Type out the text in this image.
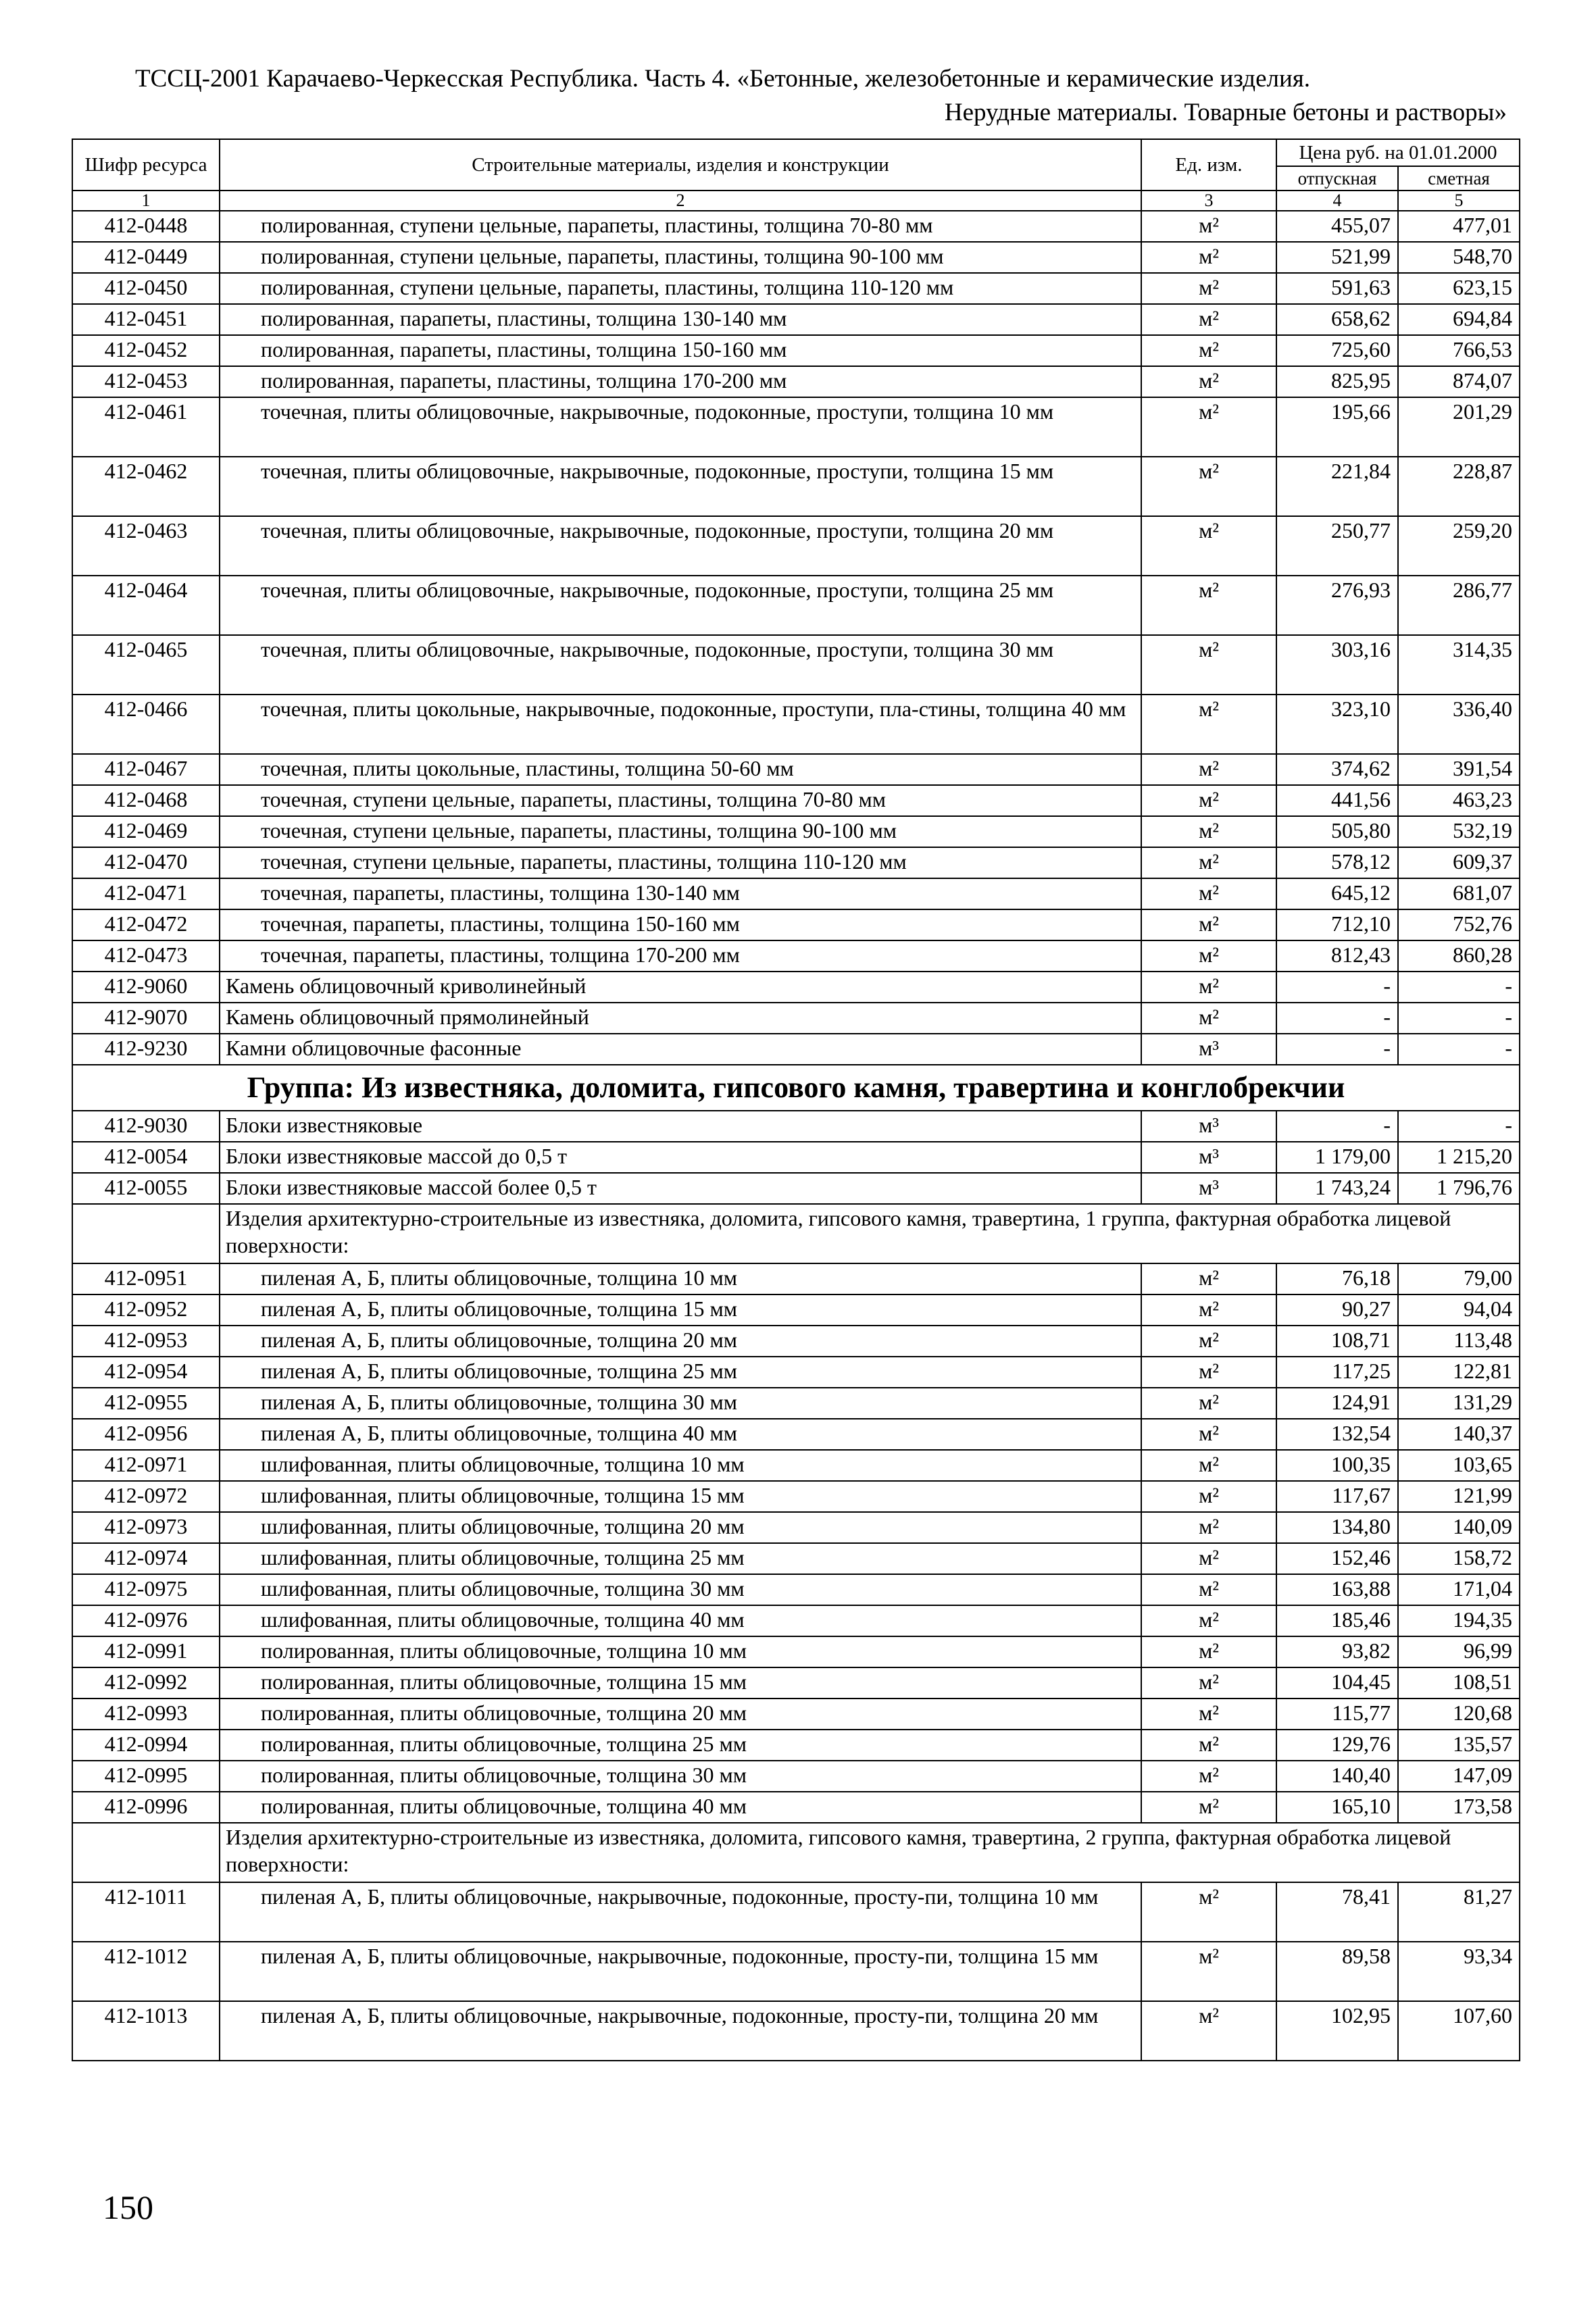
ТССЦ-2001 Карачаево-Черкесская Республика. Часть 4. «Бетонные, железобетонные и керамические изделия.
Нерудные материалы. Товарные бетоны и растворы»
Шифр ресурса	Строительные материалы, изделия и конструкции	Ед. изм.	Цена руб. на 01.01.2000	
			отпускная	сметная
1	2	3	4	5
412-0448	полированная, ступени цельные, парапеты, пластины, толщина 70-80 мм	м²	455,07	477,01
412-0449	полированная, ступени цельные, парапеты, пластины, толщина 90-100 мм	м²	521,99	548,70
412-0450	полированная, ступени цельные, парапеты, пластины, толщина 110-120 мм	м²	591,63	623,15
412-0451	полированная, парапеты, пластины, толщина 130-140 мм	м²	658,62	694,84
412-0452	полированная, парапеты, пластины, толщина 150-160 мм	м²	725,60	766,53
412-0453	полированная, парапеты, пластины, толщина 170-200 мм	м²	825,95	874,07
412-0461	точечная, плиты облицовочные, накрывочные, подоконные, проступи, толщина 10 мм	м²	195,66	201,29
412-0462	точечная, плиты облицовочные, накрывочные, подоконные, проступи, толщина 15 мм	м²	221,84	228,87
412-0463	точечная, плиты облицовочные, накрывочные, подоконные, проступи, толщина 20 мм	м²	250,77	259,20
412-0464	точечная, плиты облицовочные, накрывочные, подоконные, проступи, толщина 25 мм	м²	276,93	286,77
412-0465	точечная, плиты облицовочные, накрывочные, подоконные, проступи, толщина 30 мм	м²	303,16	314,35
412-0466	точечная, плиты цокольные, накрывочные, подоконные, проступи, пла-стины, толщина 40 мм	м²	323,10	336,40
412-0467	точечная, плиты цокольные, пластины, толщина 50-60 мм	м²	374,62	391,54
412-0468	точечная, ступени цельные, парапеты, пластины, толщина 70-80 мм	м²	441,56	463,23
412-0469	точечная, ступени цельные, парапеты, пластины, толщина 90-100 мм	м²	505,80	532,19
412-0470	точечная, ступени цельные, парапеты, пластины, толщина 110-120 мм	м²	578,12	609,37
412-0471	точечная, парапеты, пластины, толщина 130-140 мм	м²	645,12	681,07
412-0472	точечная, парапеты, пластины, толщина 150-160 мм	м²	712,10	752,76
412-0473	точечная, парапеты, пластины, толщина 170-200 мм	м²	812,43	860,28
412-9060	Камень облицовочный криволинейный	м²	-	-
412-9070	Камень облицовочный прямолинейный	м²	-	-
412-9230	Камни облицовочные фасонные	м³	-	-
Группа: Из известняка, доломита, гипсового камня, травертина и конглобрекчии				
412-9030	Блоки известняковые	м³	-	-
412-0054	Блоки известняковые массой до 0,5 т	м³	1 179,00	1 215,20
412-0055	Блоки известняковые массой более 0,5 т	м³	1 743,24	1 796,76
	Изделия архитектурно-строительные из известняка, доломита, гипсового камня, травертина, 1 группа, фактурная обработка лицевой поверхности:			
412-0951	пиленая А, Б, плиты облицовочные, толщина 10 мм	м²	76,18	79,00
412-0952	пиленая А, Б, плиты облицовочные, толщина 15 мм	м²	90,27	94,04
412-0953	пиленая А, Б, плиты облицовочные, толщина 20 мм	м²	108,71	113,48
412-0954	пиленая А, Б, плиты облицовочные, толщина 25 мм	м²	117,25	122,81
412-0955	пиленая А, Б, плиты облицовочные, толщина 30 мм	м²	124,91	131,29
412-0956	пиленая А, Б, плиты облицовочные, толщина 40 мм	м²	132,54	140,37
412-0971	шлифованная, плиты облицовочные, толщина 10 мм	м²	100,35	103,65
412-0972	шлифованная, плиты облицовочные, толщина 15 мм	м²	117,67	121,99
412-0973	шлифованная, плиты облицовочные, толщина 20 мм	м²	134,80	140,09
412-0974	шлифованная, плиты облицовочные, толщина 25 мм	м²	152,46	158,72
412-0975	шлифованная, плиты облицовочные, толщина 30 мм	м²	163,88	171,04
412-0976	шлифованная, плиты облицовочные, толщина 40 мм	м²	185,46	194,35
412-0991	полированная, плиты облицовочные, толщина 10 мм	м²	93,82	96,99
412-0992	полированная, плиты облицовочные, толщина 15 мм	м²	104,45	108,51
412-0993	полированная, плиты облицовочные, толщина 20 мм	м²	115,77	120,68
412-0994	полированная, плиты облицовочные, толщина 25 мм	м²	129,76	135,57
412-0995	полированная, плиты облицовочные, толщина 30 мм	м²	140,40	147,09
412-0996	полированная, плиты облицовочные, толщина 40 мм	м²	165,10	173,58
	Изделия архитектурно-строительные из известняка, доломита, гипсового камня, травертина, 2 группа, фактурная обработка лицевой поверхности:			
412-1011	пиленая А, Б, плиты облицовочные, накрывочные, подоконные, просту-пи, толщина 10 мм	м²	78,41	81,27
412-1012	пиленая А, Б, плиты облицовочные, накрывочные, подоконные, просту-пи, толщина 15 мм	м²	89,58	93,34
412-1013	пиленая А, Б, плиты облицовочные, накрывочные, подоконные, просту-пи, толщина 20 мм	м²	102,95	107,60
150
